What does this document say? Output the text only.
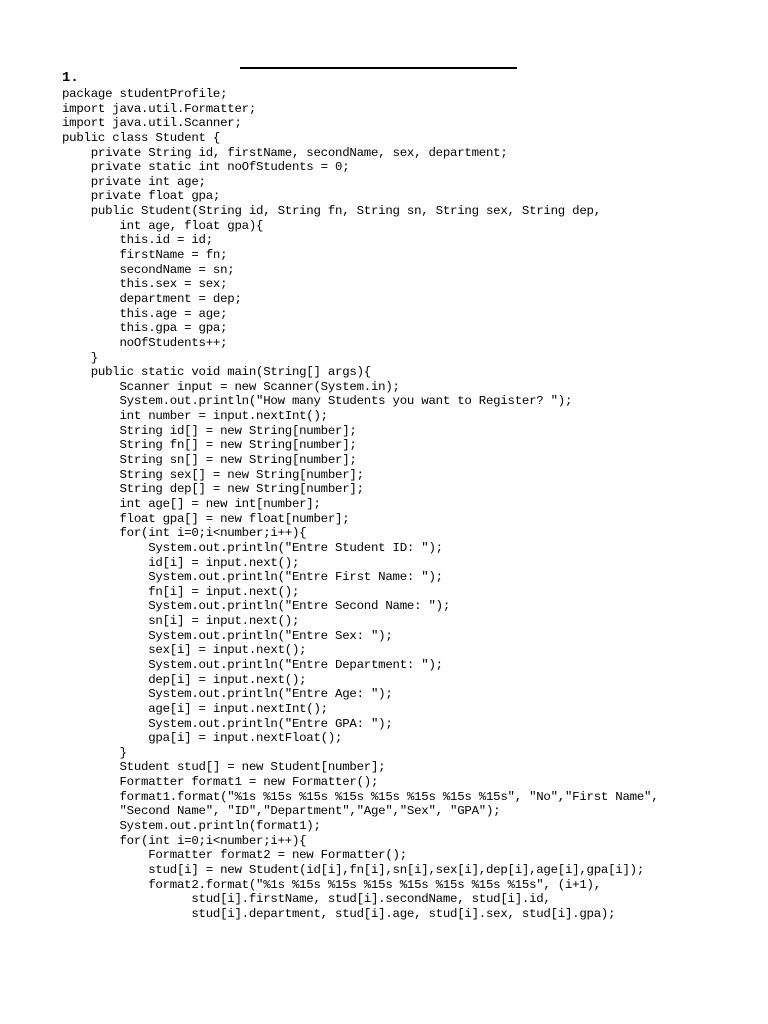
1.
package studentProfile;
import java.util.Formatter;
import java.util.Scanner;
public class Student {
private String id, firstName, secondName, sex, department;
private static int noOfStudents = 0;
private int age;
private float gpa;
public Student(String id, String fn, String sn, String sex, String dep,
int age, float gpa){
this.id = id;
firstName = fn;
secondName = sn;
this.sex = sex;
department = dep;
this.age = age;
this.gpa = gpa;
noOfStudents++;
}
public static void main(String[] args){
Scanner input = new Scanner(System.in);
System.out.println("How many Students you want to Register? ");
int number = input.nextInt();
String id[] = new String[number];
String fn[] = new String[number];
String sn[] = new String[number];
String sex[] = new String[number];
String dep[] = new String[number];
int age[] = new int[number];
float gpa[] = new float[number];
for(int i=0;i<number;i++){
System.out.println("Entre Student ID: ");
id[i] = input.next();
System.out.println("Entre First Name: ");
fn[i] = input.next();
System.out.println("Entre Second Name: ");
sn[i] = input.next();
System.out.println("Entre Sex: ");
sex[i] = input.next();
System.out.println("Entre Department: ");
dep[i] = input.next();
System.out.println("Entre Age: ");
age[i] = input.nextInt();
System.out.println("Entre GPA: ");
gpa[i] = input.nextFloat();
}
Student stud[] = new Student[number];
Formatter format1 = new Formatter();
format1.format("%1s %15s %15s %15s %15s %15s %15s %15s", "No","First Name",
"Second Name", "ID","Department","Age","Sex", "GPA");
System.out.println(format1);
for(int i=0;i<number;i++){
Formatter format2 = new Formatter();
stud[i] = new Student(id[i],fn[i],sn[i],sex[i],dep[i],age[i],gpa[i]);
format2.format("%1s %15s %15s %15s %15s %15s %15s %15s", (i+1),
stud[i].firstName, stud[i].secondName, stud[i].id,
stud[i].department, stud[i].age, stud[i].sex, stud[i].gpa);
